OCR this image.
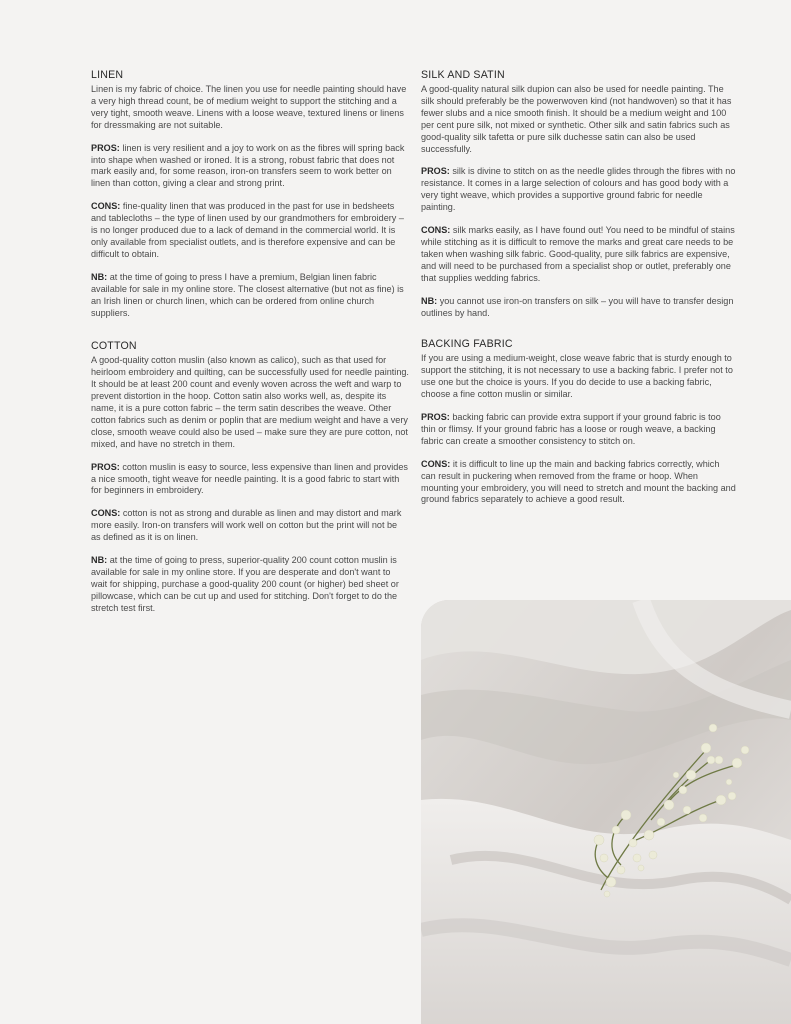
LINEN

Linen is my fabric of choice. The linen you use for needle painting should have a very high thread count, be of medium weight to support the stitching and a very tight, smooth weave. Linens with a loose weave, textured linens or linens for dressmaking are not suitable.

PROS: linen is very resilient and a joy to work on as the fibres will spring back into shape when washed or ironed. It is a strong, robust fabric that does not mark easily and, for some reason, iron-on transfers seem to work better on linen than cotton, giving a clear and strong print.

CONS: fine-quality linen that was produced in the past for use in bedsheets and tablecloths – the type of linen used by our grandmothers for embroidery – is no longer produced due to a lack of demand in the commercial world. It is only available from specialist outlets, and is therefore expensive and can be difficult to obtain.

NB: at the time of going to press I have a premium, Belgian linen fabric available for sale in my online store. The closest alternative (but not as fine) is an Irish linen or church linen, which can be ordered from online church suppliers.

COTTON

A good-quality cotton muslin (also known as calico), such as that used for heirloom embroidery and quilting, can be successfully used for needle painting. It should be at least 200 count and evenly woven across the weft and warp to prevent distortion in the hoop. Cotton satin also works well, as, despite its name, it is a pure cotton fabric – the term satin describes the weave. Other cotton fabrics such as denim or poplin that are medium weight and have a very close, smooth weave could also be used – make sure they are pure cotton, not mixed, and have no stretch in them.

PROS: cotton muslin is easy to source, less expensive than linen and provides a nice smooth, tight weave for needle painting. It is a good fabric to start with for beginners in embroidery.

CONS: cotton is not as strong and durable as linen and may distort and mark more easily. Iron-on transfers will work well on cotton but the print will not be as defined as it is on linen.

NB: at the time of going to press, superior-quality 200 count cotton muslin is available for sale in my online store. If you are desperate and don't want to wait for shipping, purchase a good-quality 200 count (or higher) bed sheet or pillowcase, which can be cut up and used for stitching. Don't forget to do the stretch test first.

SILK AND SATIN

A good-quality natural silk dupion can also be used for needle painting. The silk should preferably be the powerwoven kind (not handwoven) so that it has fewer slubs and a nice smooth finish. It should be a medium weight and 100 per cent pure silk, not mixed or synthetic. Other silk and satin fabrics such as good-quality silk tafetta or pure silk duchesse satin can also be used successfully.

PROS: silk is divine to stitch on as the needle glides through the fibres with no resistance. It comes in a large selection of colours and has good body with a very tight weave, which provides a supportive ground fabric for needle painting.

CONS: silk marks easily, as I have found out! You need to be mindful of stains while stitching as it is difficult to remove the marks and great care needs to be taken when washing silk fabric. Good-quality, pure silk fabrics are expensive, and will need to be purchased from a specialist shop or outlet, preferably one that supplies wedding fabrics.

NB: you cannot use iron-on transfers on silk – you will have to transfer design outlines by hand.

BACKING FABRIC

If you are using a medium-weight, close weave fabric that is sturdy enough to support the stitching, it is not necessary to use a backing fabric. I prefer not to use one but the choice is yours. If you do decide to use a backing fabric, choose a fine cotton muslin or similar.

PROS: backing fabric can provide extra support if your ground fabric is too thin or flimsy. If your ground fabric has a loose or rough weave, a backing fabric can create a smoother consistency to stitch on.

CONS: it is difficult to line up the main and backing fabrics correctly, which can result in puckering when removed from the frame or hoop. When mounting your embroidery, you will need to stretch and mount the backing and ground fabrics separately to achieve a good result.
